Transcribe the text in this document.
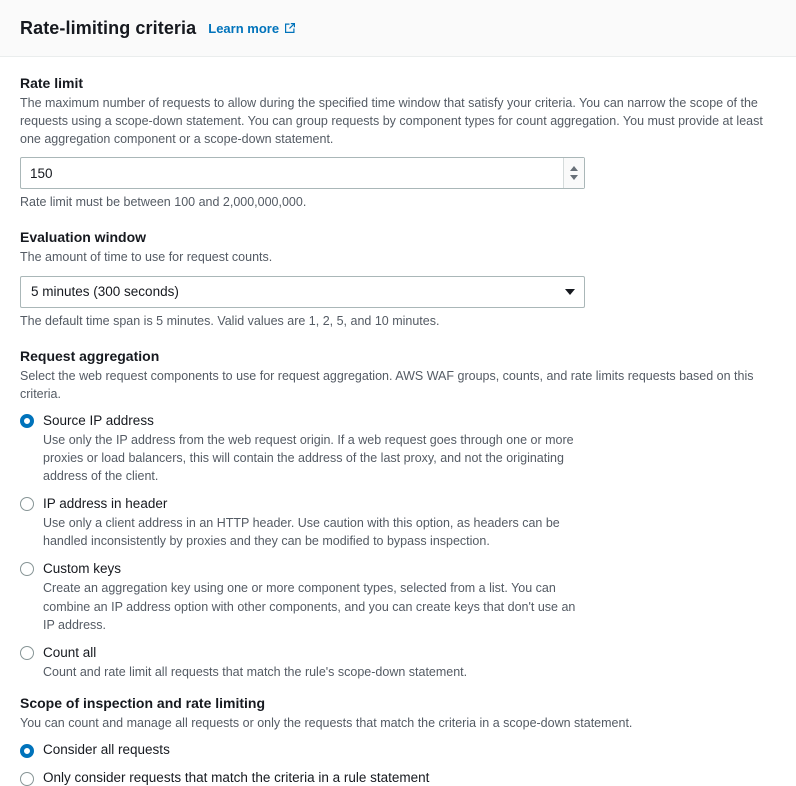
Rate-limiting criteria Learn more
Rate limit
The maximum number of requests to allow during the specified time window that satisfy your criteria. You can narrow the scope of the requests using a scope-down statement. You can group requests by component types for count aggregation. You must provide at least one aggregation component or a scope-down statement.
150
Rate limit must be between 100 and 2,000,000,000.
Evaluation window
The amount of time to use for request counts.
5 minutes (300 seconds)
The default time span is 5 minutes. Valid values are 1, 2, 5, and 10 minutes.
Request aggregation
Select the web request components to use for request aggregation. AWS WAF groups, counts, and rate limits requests based on this criteria.
Source IP address
Use only the IP address from the web request origin. If a web request goes through one or more proxies or load balancers, this will contain the address of the last proxy, and not the originating address of the client.
IP address in header
Use only a client address in an HTTP header. Use caution with this option, as headers can be handled inconsistently by proxies and they can be modified to bypass inspection.
Custom keys
Create an aggregation key using one or more component types, selected from a list. You can combine an IP address option with other components, and you can create keys that don't use an IP address.
Count all
Count and rate limit all requests that match the rule's scope-down statement.
Scope of inspection and rate limiting
You can count and manage all requests or only the requests that match the criteria in a scope-down statement.
Consider all requests
Only consider requests that match the criteria in a rule statement
